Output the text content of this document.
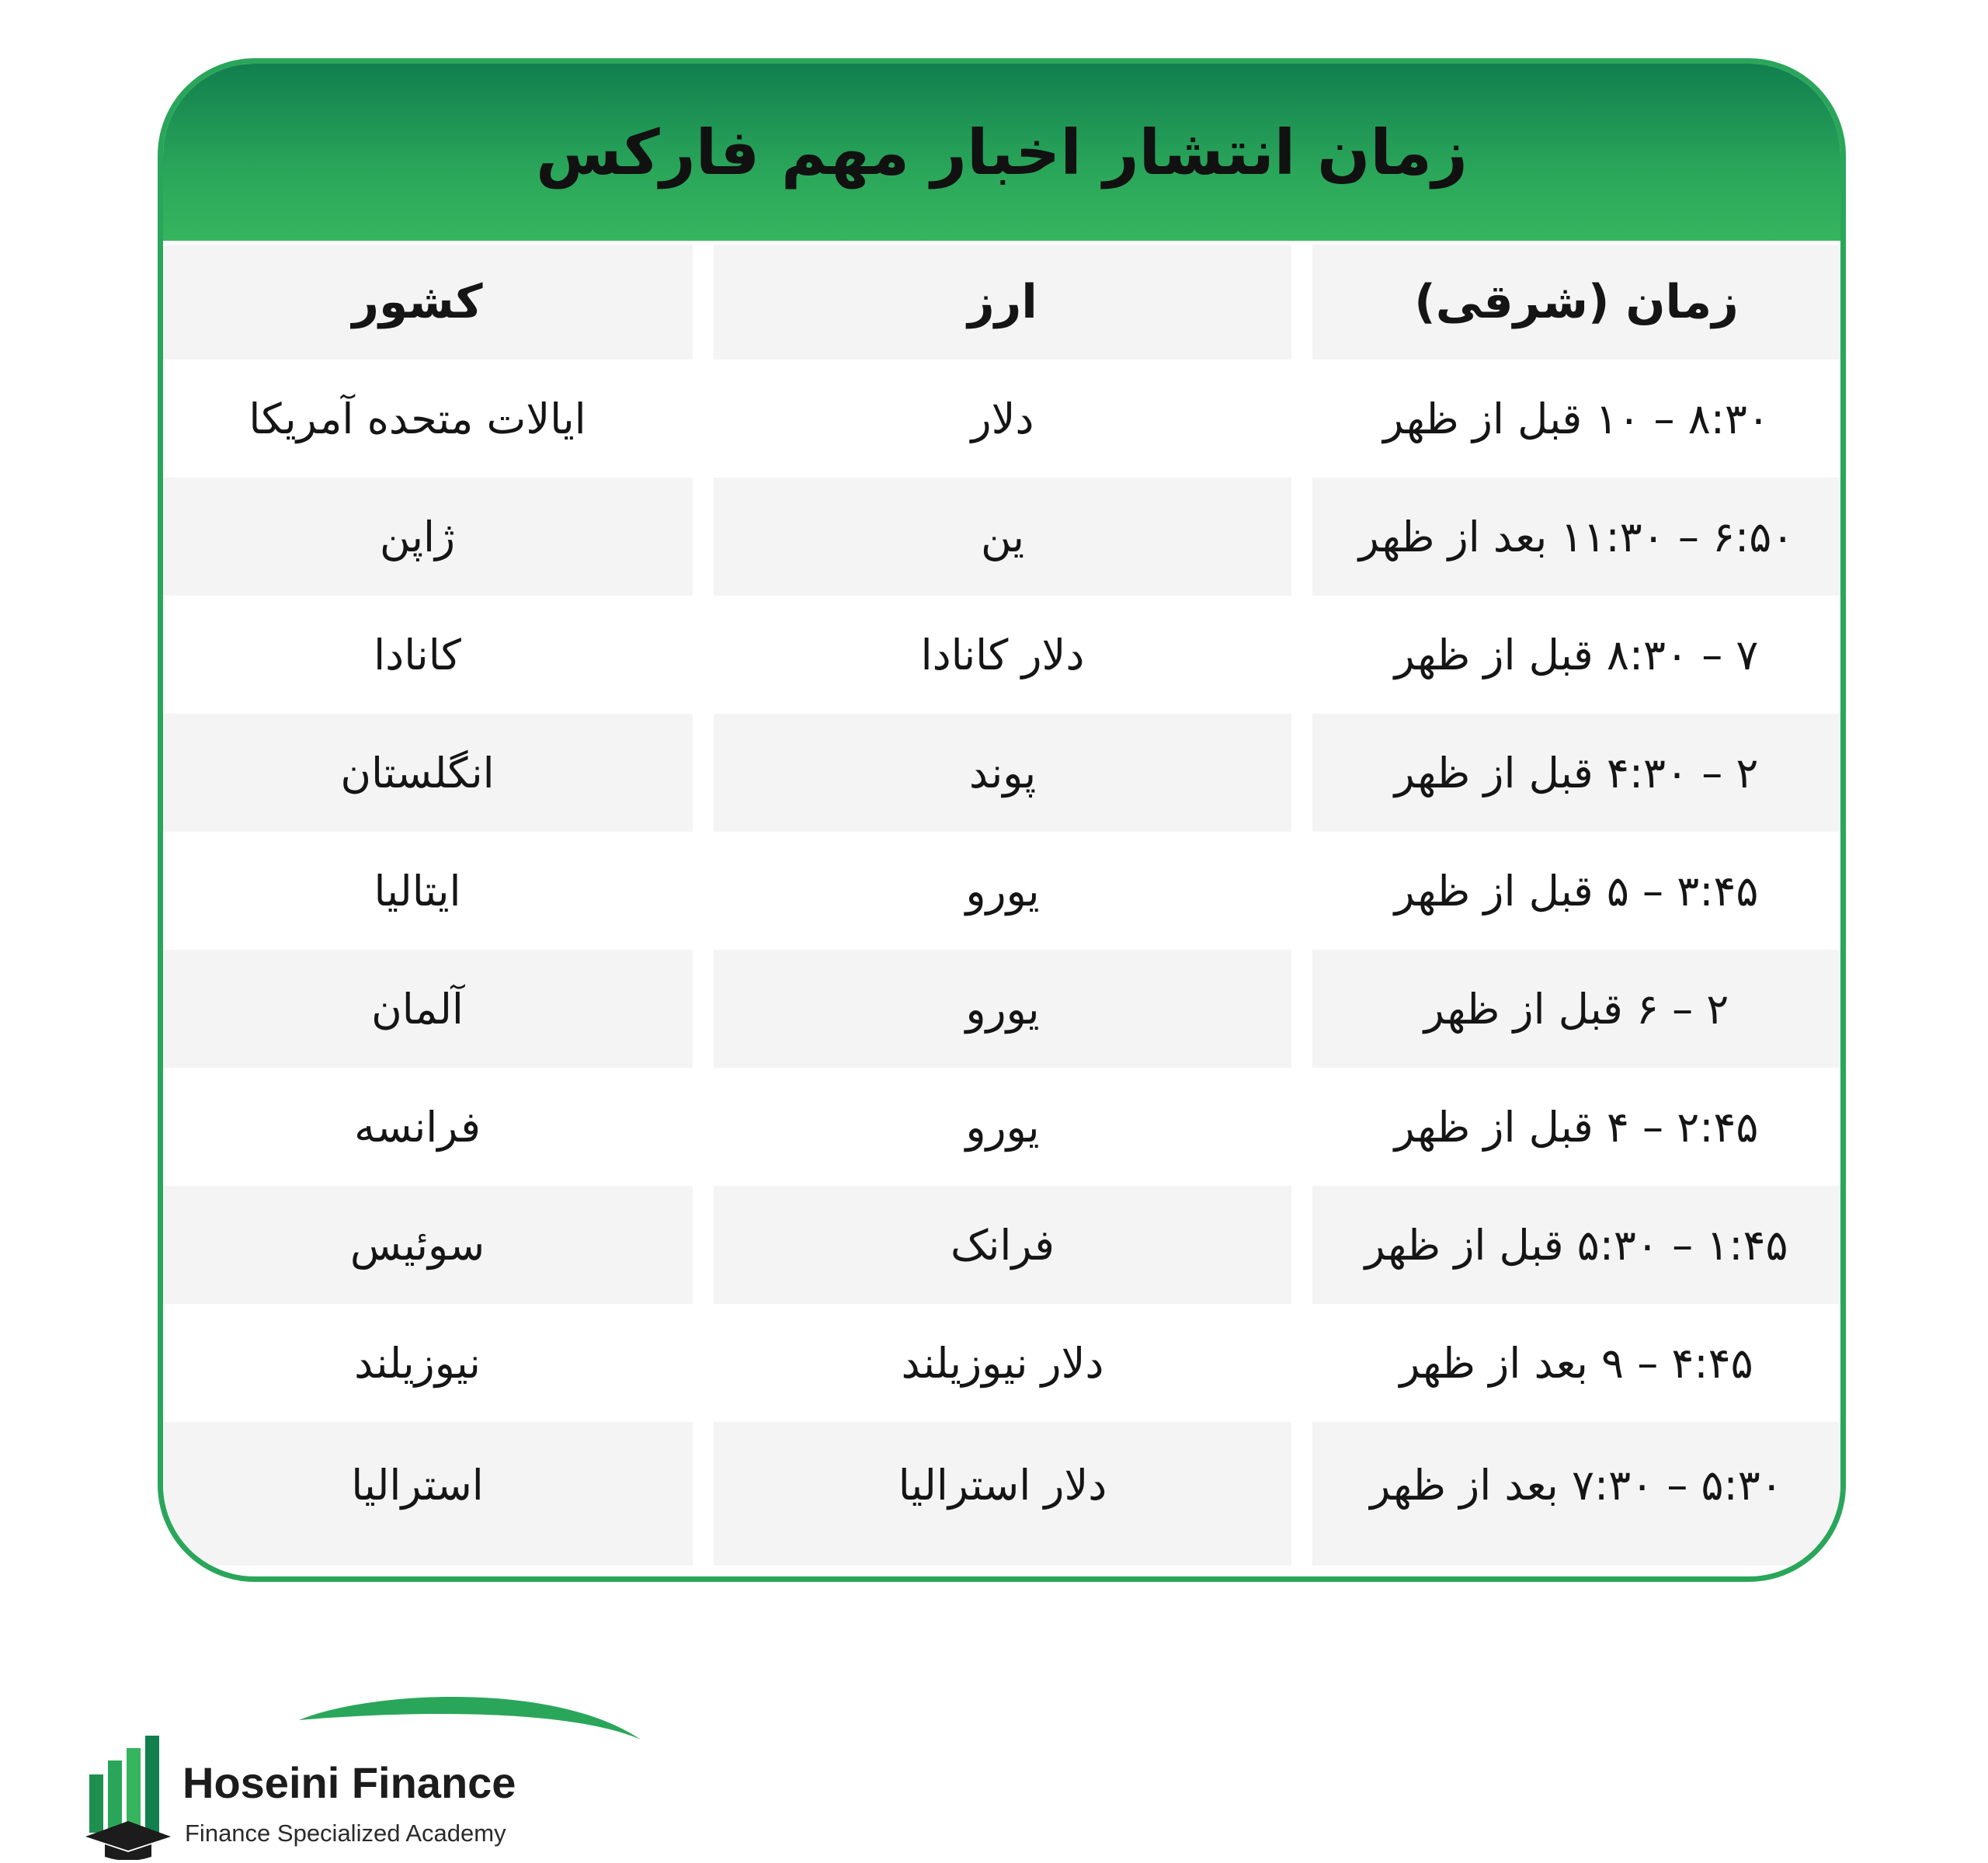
زمان انتشار اخبار مهم فارکس
زمان (شرقی)
ارز
کشور
۸:۳۰ – ۱۰ قبل از ظهر
دلار
ایالات متحده آمریکا
۶:۵۰ – ۱۱:۳۰ بعد از ظهر
ین
ژاپن
۷ – ۸:۳۰ قبل از ظهر
دلار کانادا
کانادا
۲ – ۴:۳۰ قبل از ظهر
پوند
انگلستان
۳:۴۵ – ۵ قبل از ظهر
یورو
ایتالیا
۲ – ۶ قبل از ظهر
یورو
آلمان
۲:۴۵ – ۴ قبل از ظهر
یورو
فرانسه
۱:۴۵ – ۵:۳۰ قبل از ظهر
فرانک
سوئیس
۴:۴۵ – ۹ بعد از ظهر
دلار نیوزیلند
نیوزیلند
۵:۳۰ – ۷:۳۰ بعد از ظهر
دلار استرالیا
استرالیا
Hoseini Finance
Finance Specialized Academy
